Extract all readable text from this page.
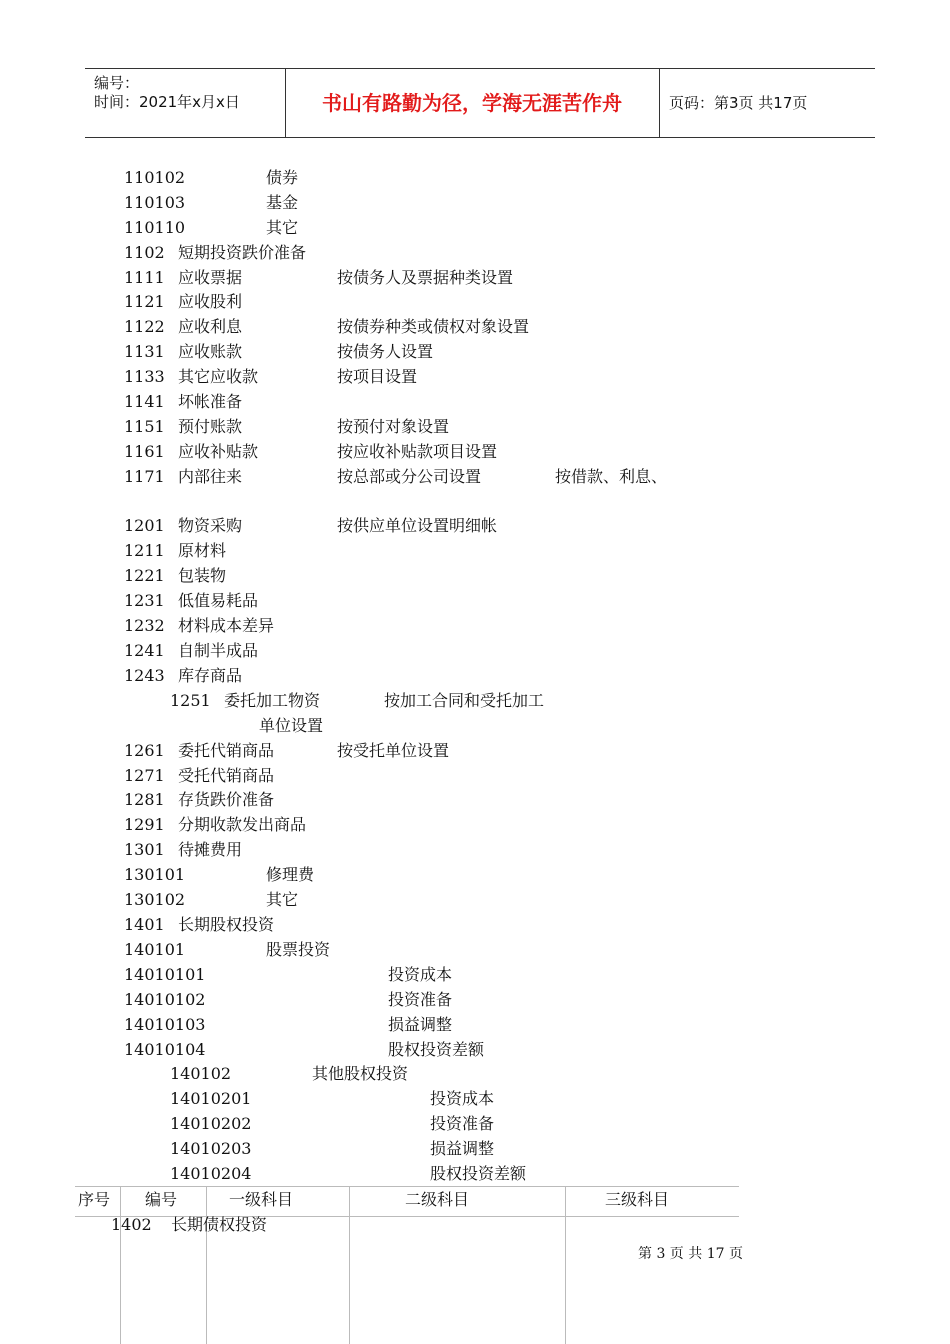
编号：
时间：2021年x月x日	书山有路勤为径，学海无涯苦作舟	页码：第3页 共17页
110102	债券
110103	基金
110110	其它
1102 短期投资跌价准备
1111 应收票据	按债务人及票据种类设置
1121 应收股利
1122 应收利息	按债券种类或债权对象设置
1131 应收账款	按债务人设置
1133 其它应收款	按项目设置
1141 坏帐准备
1151 预付账款	按预付对象设置
1161 应收补贴款	按应收补贴款项目设置
1171 内部往来	按总部或分公司设置	按借款、利息、
1201 物资采购	按供应单位设置明细帐
1211 原材料
1221 包装物
1231 低值易耗品
1232 材料成本差异
1241 自制半成品
1243 库存商品
1251 委托加工物资	按加工合同和受托加工
单位设置
1261 委托代销商品	按受托单位设置
1271 受托代销商品
1281 存货跌价准备
1291 分期收款发出商品
1301 待摊费用
130101	修理费
130102	其它
1401 长期股权投资
140101	股票投资
14010101	投资成本
14010102	投资准备
14010103	损益调整
14010104	股权投资差额
140102	其他股权投资
14010201	投资成本
14010202	投资准备
14010203	损益调整
14010204	股权投资差额
序号 编号	一级科目	二级科目	三级科目
1402 长期债权投资
第 3 页 共 17 页
